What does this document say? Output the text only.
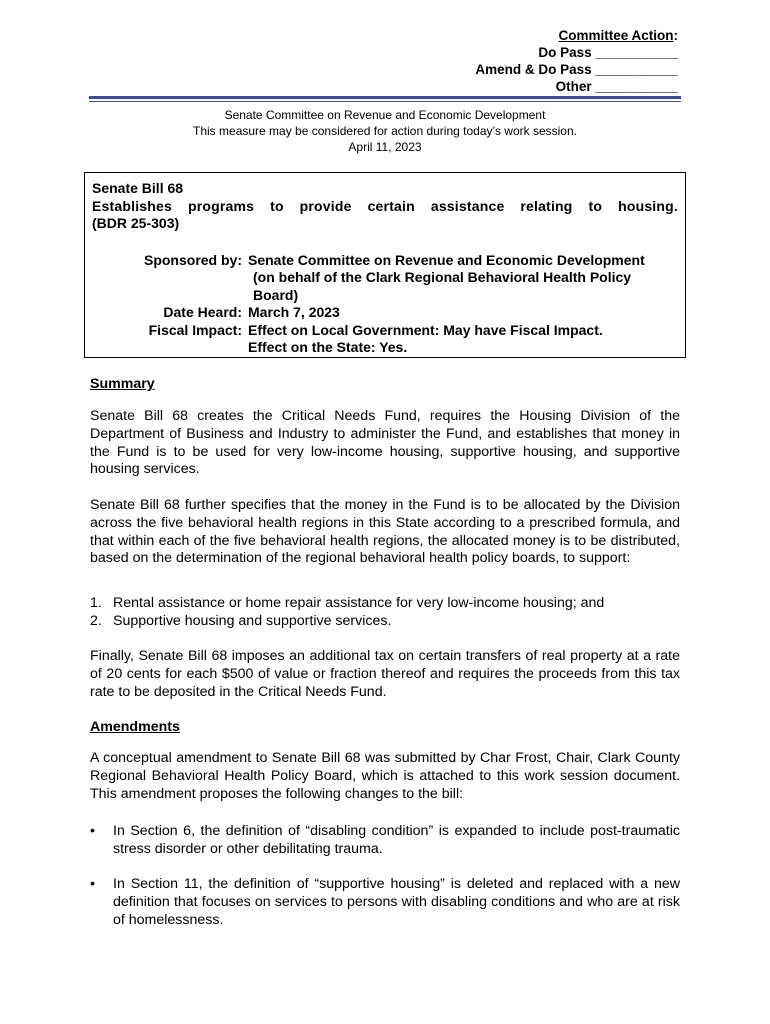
Committee Action:
Do Pass ___________
Amend & Do Pass ___________
Other ___________
Senate Committee on Revenue and Economic Development
This measure may be considered for action during today’s work session.
April 11, 2023
Senate Bill 68
Establishes programs to provide certain assistance relating to housing.
(BDR 25-303)
Sponsored by: Senate Committee on Revenue and Economic Development
(on behalf of the Clark Regional Behavioral Health Policy
Board)
Date Heard: March 7, 2023
Fiscal Impact: Effect on Local Government: May have Fiscal Impact.
Effect on the State: Yes.
Summary
Senate Bill 68 creates the Critical Needs Fund, requires the Housing Division of the Department of Business and Industry to administer the Fund, and establishes that money in the Fund is to be used for very low-income housing, supportive housing, and supportive housing services.
Senate Bill 68 further specifies that the money in the Fund is to be allocated by the Division across the five behavioral health regions in this State according to a prescribed formula, and that within each of the five behavioral health regions, the allocated money is to be distributed, based on the determination of the regional behavioral health policy boards, to support:
1. Rental assistance or home repair assistance for very low-income housing; and
2. Supportive housing and supportive services.
Finally, Senate Bill 68 imposes an additional tax on certain transfers of real property at a rate of 20 cents for each $500 of value or fraction thereof and requires the proceeds from this tax rate to be deposited in the Critical Needs Fund.
Amendments
A conceptual amendment to Senate Bill 68 was submitted by Char Frost, Chair, Clark County Regional Behavioral Health Policy Board, which is attached to this work session document. This amendment proposes the following changes to the bill:
• In Section 6, the definition of “disabling condition” is expanded to include post-traumatic stress disorder or other debilitating trauma.
• In Section 11, the definition of “supportive housing” is deleted and replaced with a new definition that focuses on services to persons with disabling conditions and who are at risk of homelessness.
